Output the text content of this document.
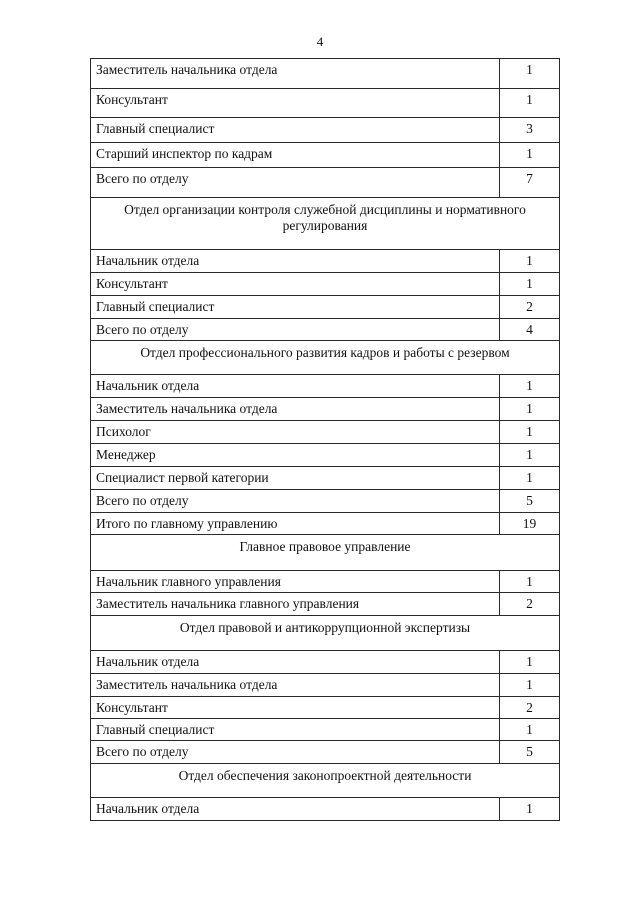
4
Заместитель начальника отдела	1
Консультант	1
Главный специалист	3
Старший инспектор по кадрам	1
Всего по отделу	7
Отдел организации контроля служебной дисциплины и нормативного регулирования	
Начальник отдела	1
Консультант	1
Главный специалист	2
Всего по отделу	4
Отдел профессионального развития кадров и работы с резервом	
Начальник отдела	1
Заместитель начальника отдела	1
Психолог	1
Менеджер	1
Специалист первой категории	1
Всего по отделу	5
Итого по главному управлению	19
Главное правовое управление	
Начальник главного управления	1
Заместитель начальника главного управления	2
Отдел правовой и антикоррупционной экспертизы	
Начальник отдела	1
Заместитель начальника отдела	1
Консультант	2
Главный специалист	1
Всего по отделу	5
Отдел обеспечения законопроектной деятельности	
Начальник отдела	1
